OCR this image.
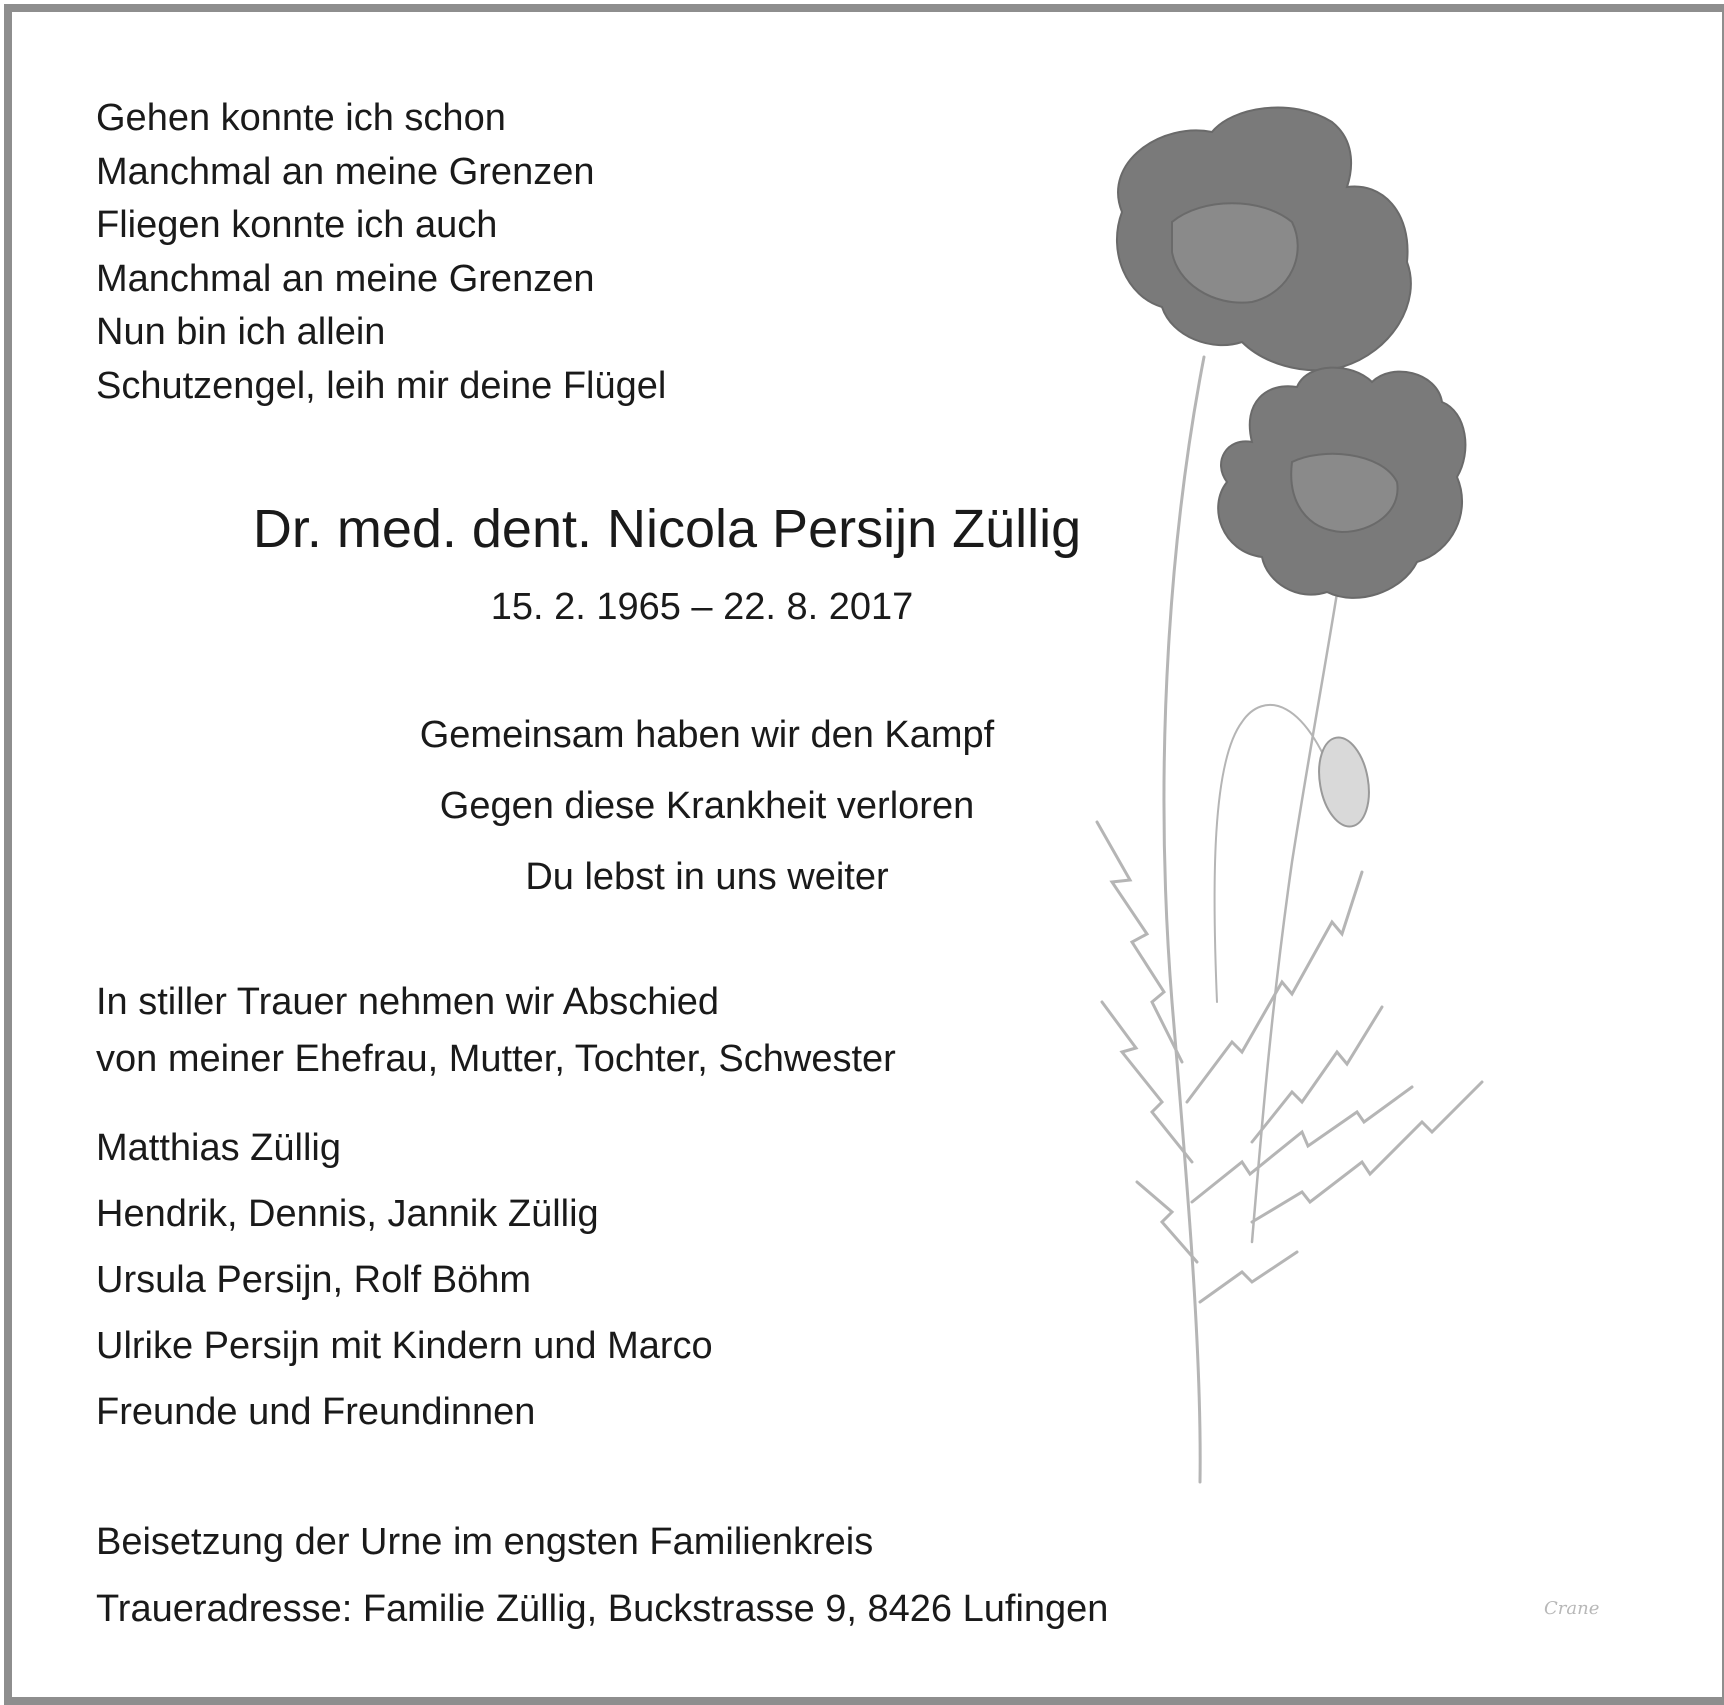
Gehen konnte ich schon
Manchmal an meine Grenzen
Fliegen konnte ich auch
Manchmal an meine Grenzen
Nun bin ich allein
Schutzengel, leih mir deine Flügel
Dr. med. dent. Nicola Persijn Züllig
15. 2. 1965 – 22. 8. 2017
Gemeinsam haben wir den Kampf
Gegen diese Krankheit verloren
Du lebst in uns weiter
In stiller Trauer nehmen wir Abschied
von meiner Ehefrau, Mutter, Tochter, Schwester
Matthias Züllig
Hendrik, Dennis, Jannik Züllig
Ursula Persijn, Rolf Böhm
Ulrike Persijn mit Kindern und Marco
Freunde und Freundinnen
Beisetzung der Urne im engsten Familienkreis
Traueradresse: Familie Züllig, Buckstrasse 9, 8426 Lufingen	Crane
